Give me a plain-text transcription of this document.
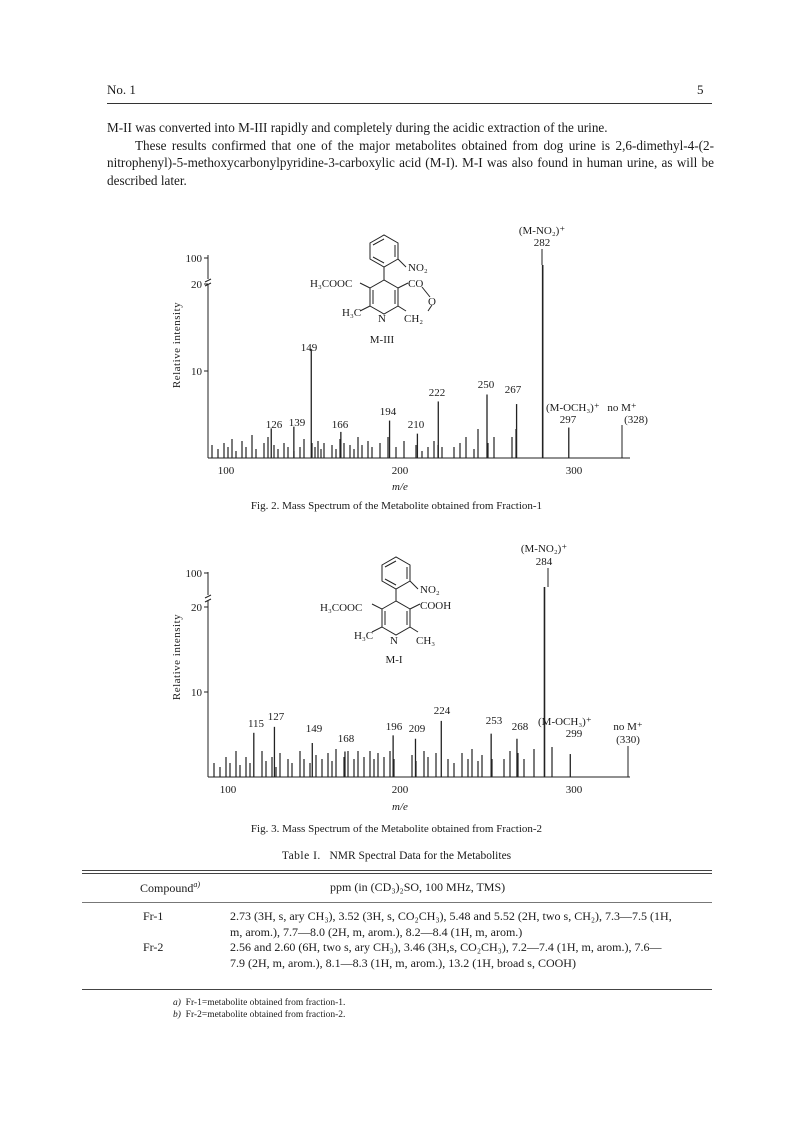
No. 1	5

M-II was converted into M-III rapidly and completely during the acidic extraction of the urine.

These results confirmed that one of the major metabolites obtained from dog urine is 2,6-dimethyl-4-(2-nitrophenyl)-5-methoxycarbonylpyridine-3-carboxylic acid (M-I). M-I was also found in human urine, as will be described later.

Relative intensity
100
20
10
100	200	300
m/e
126 139
149
166
194
210
222
250 267
NO₂
H₃COOC	CO
O
H₃C N CH₂
M-III
(M-NO₂)⁺
282
(M-OCH₃)⁺
297
no M⁺
(328)
Fig. 2. Mass Spectrum of the Metabolite obtained from Fraction-1
Relative intensity
100
20
10
100	200	300
m/e
115
127
149
168
196 209
224
253 268
NO₂
H₃COOC	COOH
H₃C N CH₃
M-I
(M-NO₂)⁺
284
(M-OCH₃)⁺
299
no M⁺
(330)
Fig. 3. Mass Spectrum of the Metabolite obtained from Fraction-2
Table I. NMR Spectral Data for the Metabolites
Compound$^{a)}$	ppm (in (CD₃)₂SO, 100 MHz, TMS)
Fr-1	2.73 (3H, s, ary CH₃), 3.52 (3H, s, CO₂CH₃), 5.48 and 5.52 (2H, two s, CH₂), 7.3—7.5 (1H, m, arom.), 7.7—8.0 (2H, m, arom.), 8.2—8.4 (1H, m, arom.)
Fr-2	2.56 and 2.60 (6H, two s, ary CH₃), 3.46 (3H,s, CO₂CH₃), 7.2—7.4 (1H, m, arom.), 7.6—7.9 (2H, m, arom.), 8.1—8.3 (1H, m, arom.), 13.2 (1H, broad s, COOH)
a) Fr-1=metabolite obtained from fraction-1.
b) Fr-2=metabolite obtained from fraction-2.
